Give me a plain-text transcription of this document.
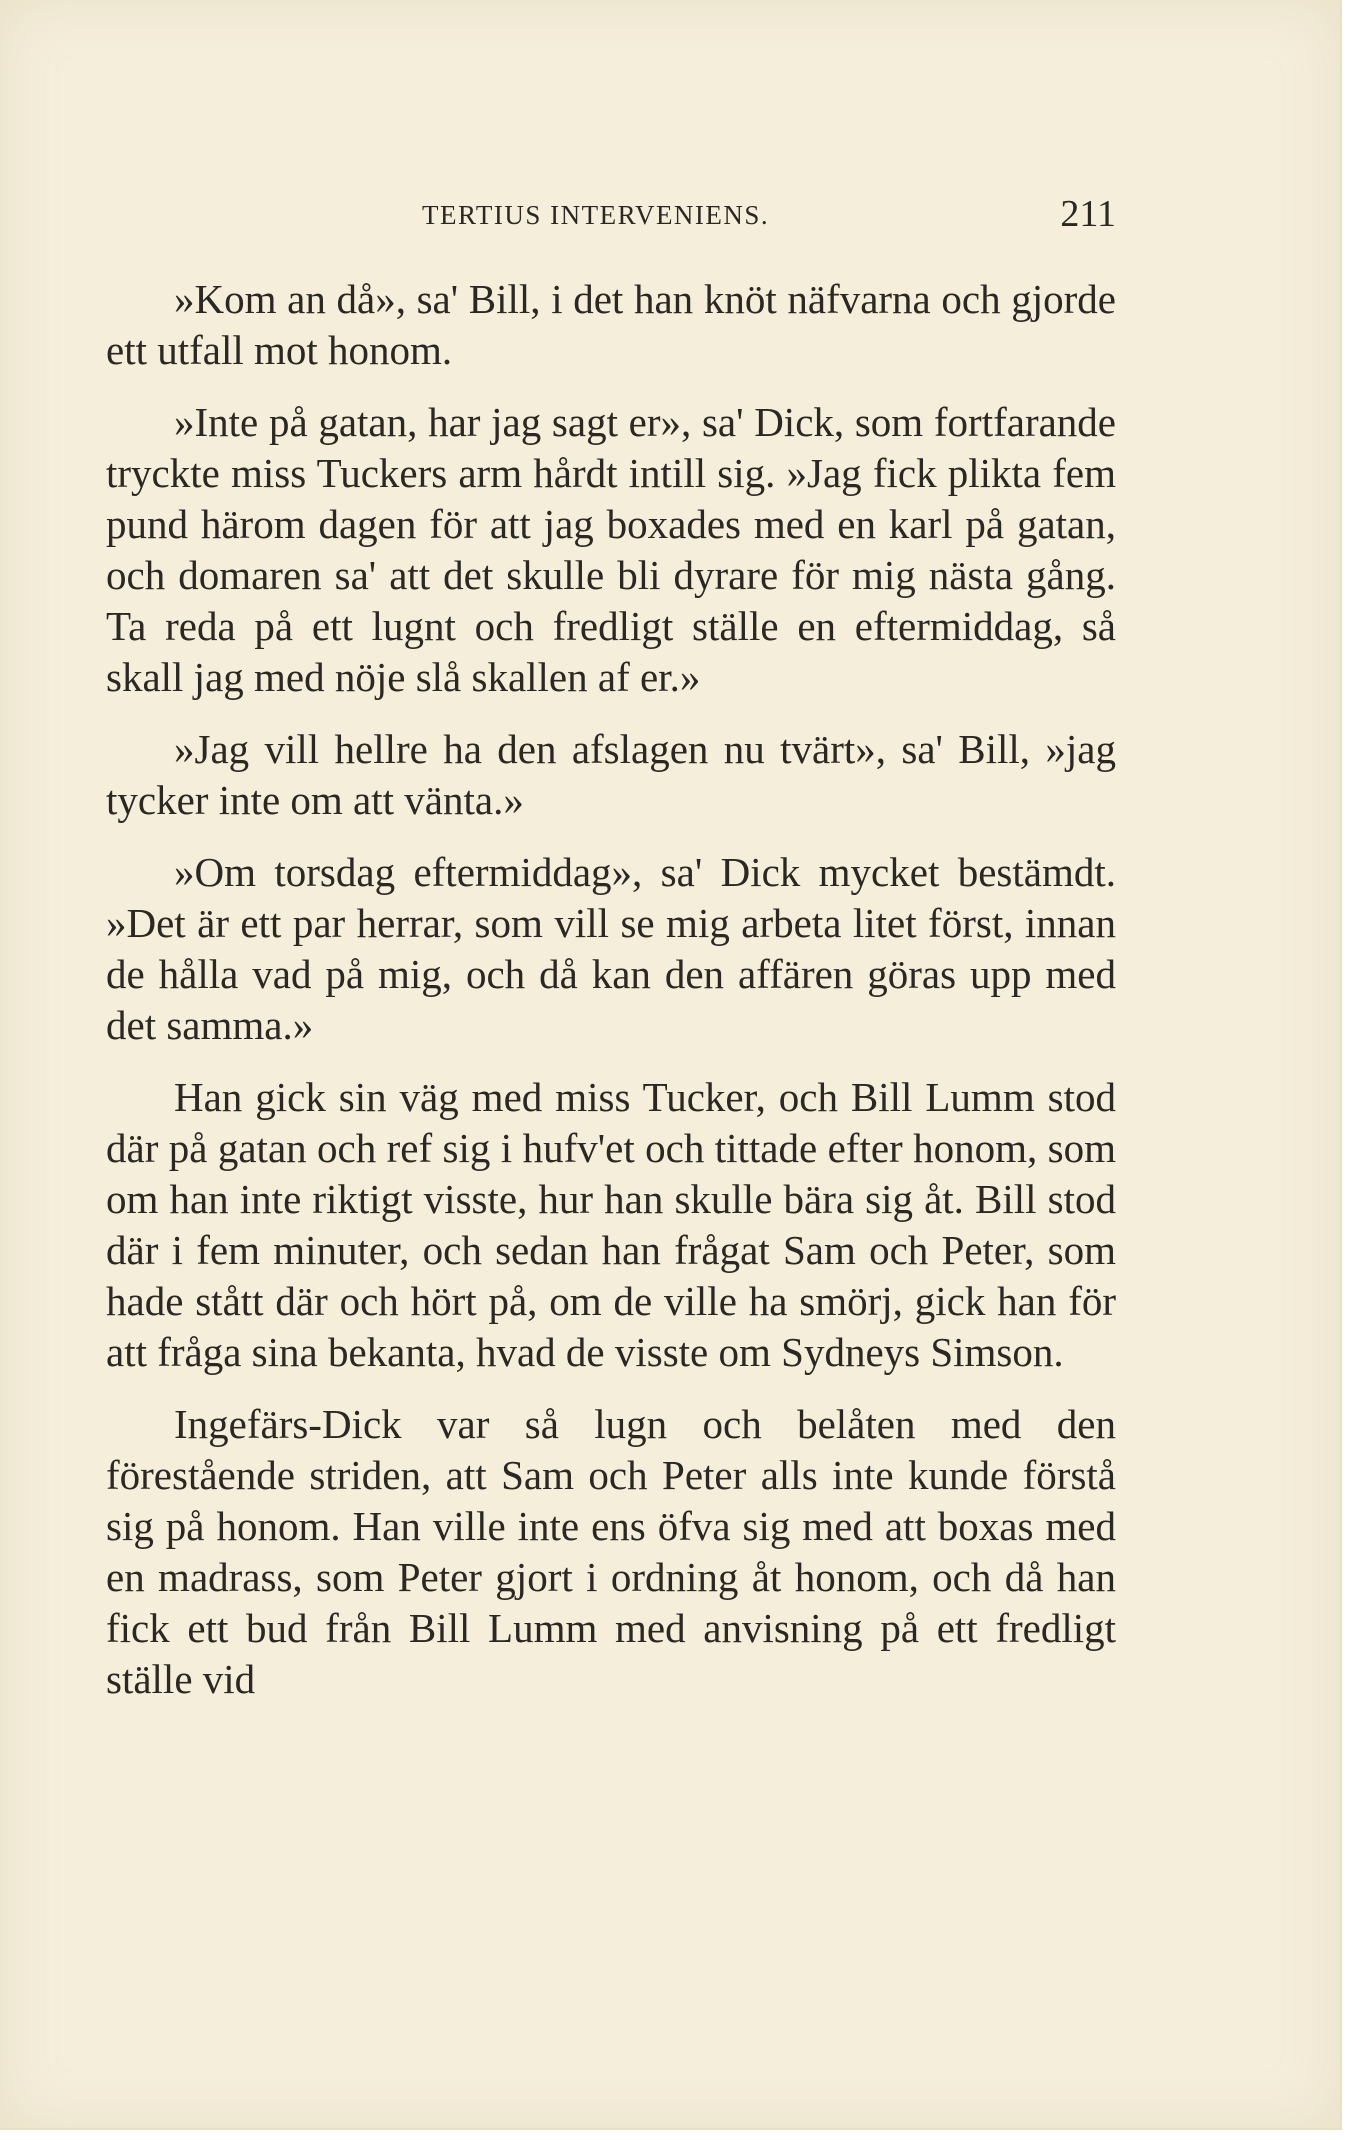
TERTIUS INTERVENIENS.	211

»Kom an då», sa' Bill, i det han knöt näfvarna och gjorde ett utfall mot honom.

»Inte på gatan, har jag sagt er», sa' Dick, som fortfarande tryckte miss Tuckers arm hårdt intill sig. »Jag fick plikta fem pund härom dagen för att jag boxades med en karl på gatan, och domaren sa' att det skulle bli dyrare för mig nästa gång. Ta reda på ett lugnt och fredligt ställe en eftermiddag, så skall jag med nöje slå skallen af er.»

»Jag vill hellre ha den afslagen nu tvärt», sa' Bill, »jag tycker inte om att vänta.»

»Om torsdag eftermiddag», sa' Dick mycket bestämdt. »Det är ett par herrar, som vill se mig arbeta litet först, innan de hålla vad på mig, och då kan den affären göras upp med det samma.»

Han gick sin väg med miss Tucker, och Bill Lumm stod där på gatan och ref sig i hufv'et och tittade efter honom, som om han inte riktigt visste, hur han skulle bära sig åt. Bill stod där i fem minuter, och sedan han frågat Sam och Peter, som hade stått där och hört på, om de ville ha smörj, gick han för att fråga sina bekanta, hvad de visste om Sydneys Simson.

Ingefärs-Dick var så lugn och belåten med den förestående striden, att Sam och Peter alls inte kunde förstå sig på honom. Han ville inte ens öfva sig med att boxas med en madrass, som Peter gjort i ordning åt honom, och då han fick ett bud från Bill Lumm med anvisning på ett fredligt ställe vid
